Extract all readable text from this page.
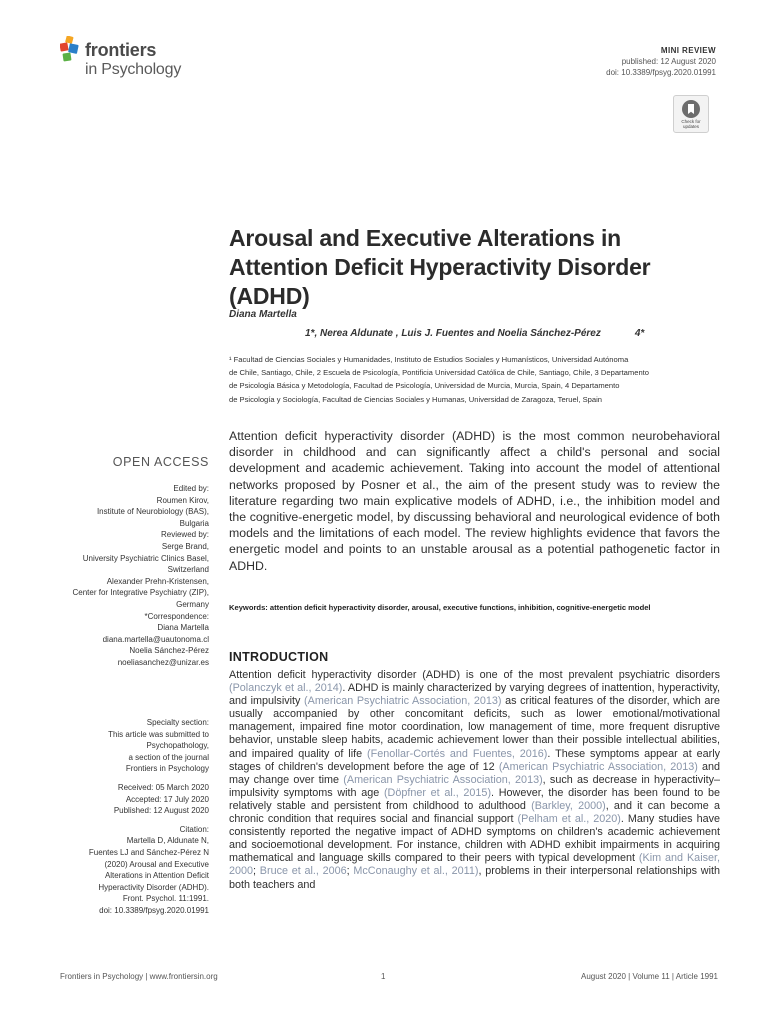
frontiers
in Psychology
MINI REVIEW
published: 12 August 2020
doi: 10.3389/fpsyg.2020.01991
Check for
updates
Arousal and Executive Alterations in Attention Deficit Hyperactivity Disorder (ADHD)
Diana Martella
1*, Nerea Aldunate , Luis J. Fuentes and Noelia Sánchez-Pérez	4*

¹ Facultad de Ciencias Sociales y Humanidades, Instituto de Estudios Sociales y Humanísticos, Universidad Autónoma

de Chile, Santiago, Chile, 2 Escuela de Psicología, Pontificia Universidad Católica de Chile, Santiago, Chile, 3 Departamento

de Psicología Básica y Metodología, Facultad de Psicología, Universidad de Murcia, Murcia, Spain, 4 Departamento

de Psicología y Sociología, Facultad de Ciencias Sociales y Humanas, Universidad de Zaragoza, Teruel, Spain

Attention deficit hyperactivity disorder (ADHD) is the most common neurobehavioral disorder in childhood and can significantly affect a child's personal and social development and academic achievement. Taking into account the model of attentional networks proposed by Posner et al., the aim of the present study was to review the literature regarding two main explicative models of ADHD, i.e., the inhibition model and the cognitive-energetic model, by discussing behavioral and neurological evidence of both models and the limitations of each model. The review highlights evidence that favors the energetic model and points to an unstable arousal as a potential pathogenetic factor in ADHD.

Keywords: attention deficit hyperactivity disorder, arousal, executive functions, inhibition, cognitive-energetic model

OPEN ACCESS

Edited by:

Roumen Kirov,

Institute of Neurobiology (BAS),

Bulgaria

Reviewed by:

Serge Brand,

University Psychiatric Clinics Basel,

Switzerland

Alexander Prehn-Kristensen,

Center for Integrative Psychiatry (ZIP),

Germany

*Correspondence:

Diana Martella

diana.martella@uautonoma.cl

Noelia Sánchez-Pérez

noeliasanchez@unizar.es

Specialty section:

This article was submitted to

Psychopathology,

a section of the journal

Frontiers in Psychology

Received: 05 March 2020

Accepted: 17 July 2020

Published: 12 August 2020

Citation:

Martella D, Aldunate N,

Fuentes LJ and Sánchez-Pérez N

(2020) Arousal and Executive

Alterations in Attention Deficit

Hyperactivity Disorder (ADHD).

Front. Psychol. 11:1991.

doi: 10.3389/fpsyg.2020.01991

INTRODUCTION

Attention deficit hyperactivity disorder (ADHD) is one of the most prevalent psychiatric disorders (Polanczyk et al., 2014). ADHD is mainly characterized by varying degrees of inattention, hyperactivity, and impulsivity (American Psychiatric Association, 2013) as critical features of the disorder, which are usually accompanied by other concomitant deficits, such as lower emotional/motivational management, impaired fine motor coordination, low management of time, more frequent disruptive behavior, unstable sleep habits, academic achievement lower than their possible intellectual abilities, and impaired quality of life (Fenollar-Cortés and Fuentes, 2016). These symptoms appear at early stages of children's development before the age of 12 (American Psychiatric Association, 2013) and may change over time (American Psychiatric Association, 2013), such as decrease in hyperactivity–impulsivity symptoms with age (Döpfner et al., 2015). However, the disorder has been found to be relatively stable and persistent from childhood to adulthood (Barkley, 2000), and it can become a chronic condition that requires social and financial support (Pelham et al., 2020). Many studies have consistently reported the negative impact of ADHD symptoms on children's academic achievement and socioemotional development. For instance, children with ADHD exhibit impairments in acquiring mathematical and language skills compared to their peers with typical development (Kim and Kaiser, 2000; Bruce et al., 2006; McConaughy et al., 2011), problems in their interpersonal relationships with both teachers and

Frontiers in Psychology | www.frontiersin.org	1	August 2020 | Volume 11 | Article 1991
